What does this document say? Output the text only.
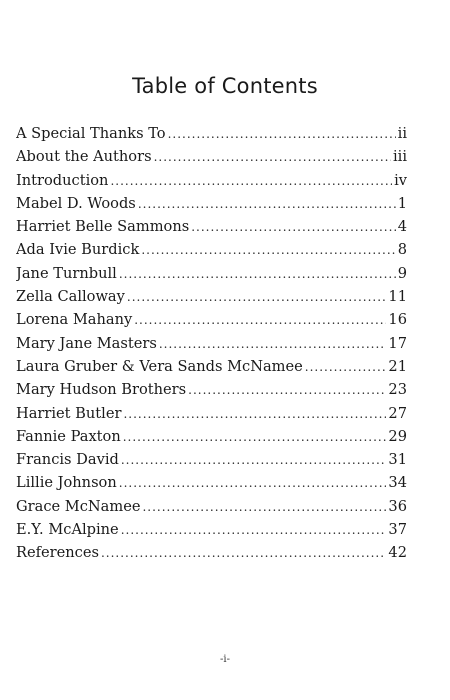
Table of Contents
A Special Thanks To .....	ii
About the Authors .....	iii
Introduction .....	iv
Mabel D. Woods .....	1
Harriet Belle Sammons .....	4
Ada Ivie Burdick .....	8
Jane Turnbull .....	9
Zella Calloway .....	11
Lorena Mahany .....	16
Mary Jane Masters .....	17
Laura Gruber & Vera Sands McNamee .....	21
Mary Hudson Brothers .....	23
Harriet Butler .....	27
Fannie Paxton .....	29
Francis David .....	31
Lillie Johnson .....	34
Grace McNamee .....	36
E.Y. McAlpine .....	37
References .....	42
-i-
